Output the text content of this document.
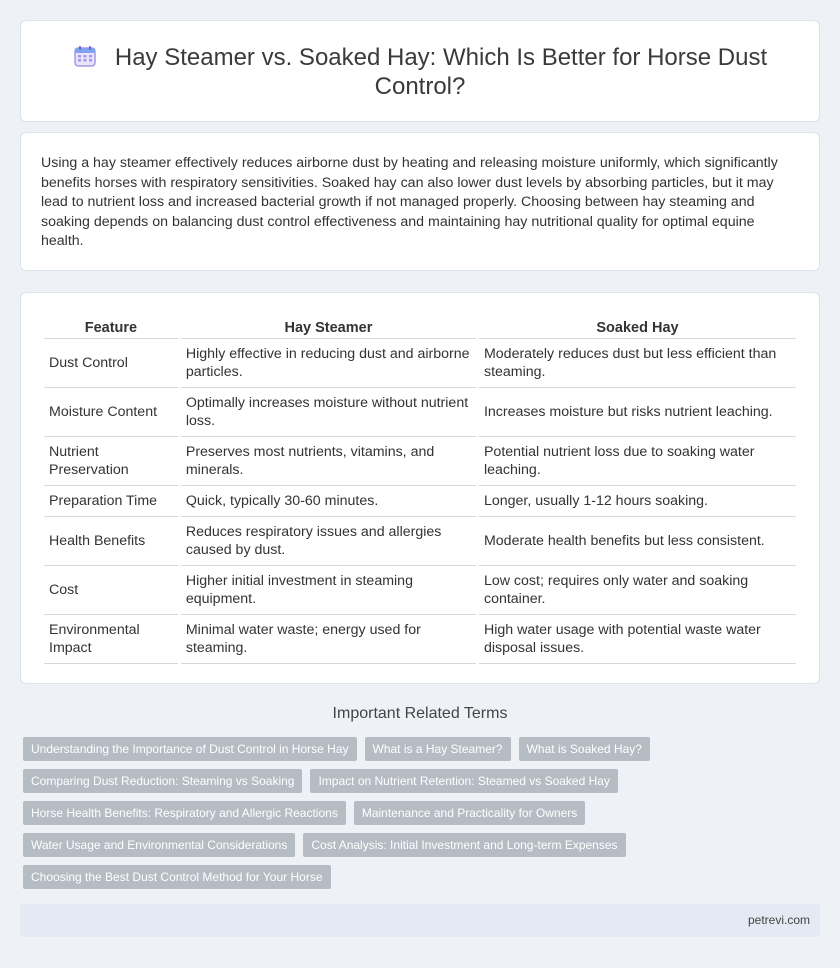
Hay Steamer vs. Soaked Hay: Which Is Better for Horse Dust Control?

Using a hay steamer effectively reduces airborne dust by heating and releasing moisture uniformly, which significantly benefits horses with respiratory sensitivities. Soaked hay can also lower dust levels by absorbing particles, but it may lead to nutrient loss and increased bacterial growth if not managed properly. Choosing between hay steaming and soaking depends on balancing dust control effectiveness and maintaining hay nutritional quality for optimal equine health.

Feature	Hay Steamer	Soaked Hay
Dust Control	Highly effective in reducing dust and airborne particles.	Moderately reduces dust but less efficient than steaming.
Moisture Content	Optimally increases moisture without nutrient loss.	Increases moisture but risks nutrient leaching.
Nutrient Preservation	Preserves most nutrients, vitamins, and minerals.	Potential nutrient loss due to soaking water leaching.
Preparation Time	Quick, typically 30-60 minutes.	Longer, usually 1-12 hours soaking.
Health Benefits	Reduces respiratory issues and allergies caused by dust.	Moderate health benefits but less consistent.
Cost	Higher initial investment in steaming equipment.	Low cost; requires only water and soaking container.
Environmental Impact	Minimal water waste; energy used for steaming.	High water usage with potential waste water disposal issues.
Important Related Terms
Understanding the Importance of Dust Control in Horse Hay	What is a Hay Steamer?	What is Soaked Hay?
Comparing Dust Reduction: Steaming vs Soaking	Impact on Nutrient Retention: Steamed vs Soaked Hay
Horse Health Benefits: Respiratory and Allergic Reactions	Maintenance and Practicality for Owners
Water Usage and Environmental Considerations	Cost Analysis: Initial Investment and Long-term Expenses
Choosing the Best Dust Control Method for Your Horse
petrevi.com
